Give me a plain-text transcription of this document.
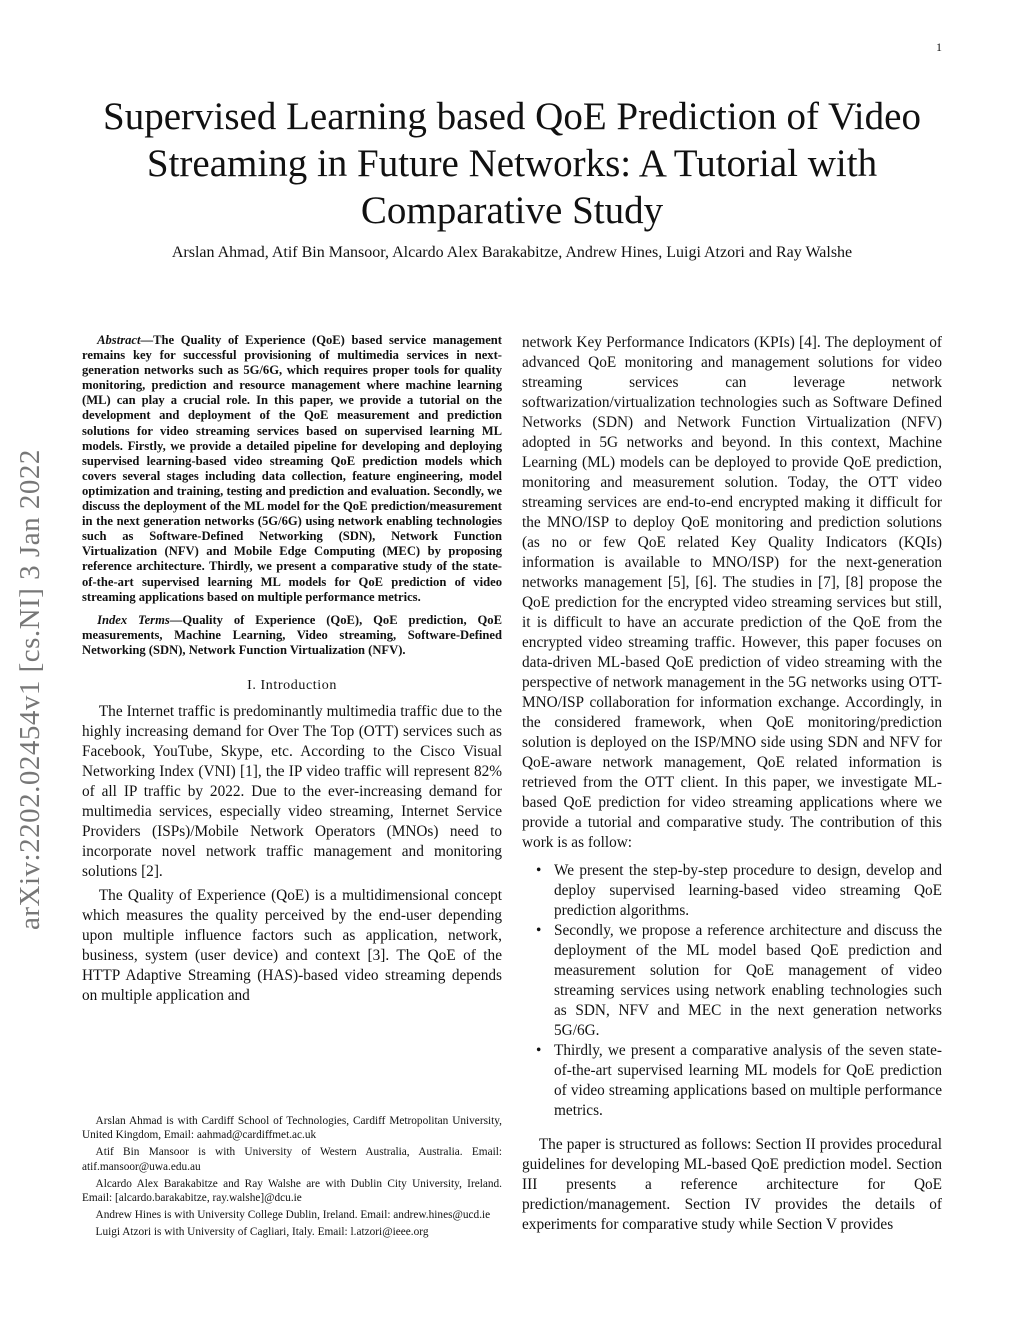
1
arXiv:2202.02454v1 [cs.NI] 3 Jan 2022
Supervised Learning based QoE Prediction of Video Streaming in Future Networks: A Tutorial with Comparative Study
Arslan Ahmad, Atif Bin Mansoor, Alcardo Alex Barakabitze, Andrew Hines, Luigi Atzori and Ray Walshe

Abstract—The Quality of Experience (QoE) based service management remains key for successful provisioning of multimedia services in next-generation networks such as 5G/6G, which requires proper tools for quality monitoring, prediction and resource management where machine learning (ML) can play a crucial role. In this paper, we provide a tutorial on the development and deployment of the QoE measurement and prediction solutions for video streaming services based on supervised learning ML models. Firstly, we provide a detailed pipeline for developing and deploying supervised learning-based video streaming QoE prediction models which covers several stages including data collection, feature engineering, model optimization and training, testing and prediction and evaluation. Secondly, we discuss the deployment of the ML model for the QoE prediction/measurement in the next generation networks (5G/6G) using network enabling technologies such as Software-Defined Networking (SDN), Network Function Virtualization (NFV) and Mobile Edge Computing (MEC) by proposing reference architecture. Thirdly, we present a comparative study of the state-of-the-art supervised learning ML models for QoE prediction of video streaming applications based on multiple performance metrics.

Index Terms—Quality of Experience (QoE), QoE prediction, QoE measurements, Machine Learning, Video streaming, Software-Defined Networking (SDN), Network Function Virtualization (NFV).

I. Introduction

The Internet traffic is predominantly multimedia traffic due to the highly increasing demand for Over The Top (OTT) services such as Facebook, YouTube, Skype, etc. According to the Cisco Visual Networking Index (VNI) [1], the IP video traffic will represent 82% of all IP traffic by 2022. Due to the ever-increasing demand for multimedia services, especially video streaming, Internet Service Providers (ISPs)/Mobile Network Operators (MNOs) need to incorporate novel network traffic management and monitoring solutions [2].

The Quality of Experience (QoE) is a multidimensional concept which measures the quality perceived by the end-user depending upon multiple influence factors such as application, network, business, system (user device) and context [3]. The QoE of the HTTP Adaptive Streaming (HAS)-based video streaming depends on multiple application and

Arslan Ahmad is with Cardiff School of Technologies, Cardiff Metropolitan University, United Kingdom, Email: aahmad@cardiffmet.ac.uk

Atif Bin Mansoor is with University of Western Australia, Australia. Email: atif.mansoor@uwa.edu.au

Alcardo Alex Barakabitze and Ray Walshe are with Dublin City University, Ireland. Email: [alcardo.barakabitze, ray.walshe]@dcu.ie

Andrew Hines is with University College Dublin, Ireland. Email: andrew.hines@ucd.ie

Luigi Atzori is with University of Cagliari, Italy. Email: l.atzori@ieee.org

network Key Performance Indicators (KPIs) [4]. The deployment of advanced QoE monitoring and management solutions for video streaming services can leverage network softwarization/virtualization technologies such as Software Defined Networks (SDN) and Network Function Virtualization (NFV) adopted in 5G networks and beyond. In this context, Machine Learning (ML) models can be deployed to provide QoE prediction, monitoring and measurement solution. Today, the OTT video streaming services are end-to-end encrypted making it difficult for the MNO/ISP to deploy QoE monitoring and prediction solutions (as no or few QoE related Key Quality Indicators (KQIs) information is available to MNO/ISP) for the next-generation networks management [5], [6]. The studies in [7], [8] propose the QoE prediction for the encrypted video streaming services but still, it is difficult to have an accurate prediction of the QoE from the encrypted video streaming traffic. However, this paper focuses on data-driven ML-based QoE prediction of video streaming with the perspective of network management in the 5G networks using OTT-MNO/ISP collaboration for information exchange. Accordingly, in the considered framework, when QoE monitoring/prediction solution is deployed on the ISP/MNO side using SDN and NFV for QoE-aware network management, QoE related information is retrieved from the OTT client. In this paper, we investigate ML-based QoE prediction for video streaming applications where we provide a tutorial and comparative study. The contribution of this work is as follow:

• We present the step-by-step procedure to design, develop and deploy supervised learning-based video streaming QoE prediction algorithms.
• Secondly, we propose a reference architecture and discuss the deployment of the ML model based QoE prediction and measurement solution for QoE management of video streaming services using network enabling technologies such as SDN, NFV and MEC in the next generation networks 5G/6G.
• Thirdly, we present a comparative analysis of the seven state-of-the-art supervised learning ML models for QoE prediction of video streaming applications based on multiple performance metrics.

The paper is structured as follows: Section II provides procedural guidelines for developing ML-based QoE prediction model. Section III presents a reference architecture for QoE prediction/management. Section IV provides the details of experiments for comparative study while Section V provides
